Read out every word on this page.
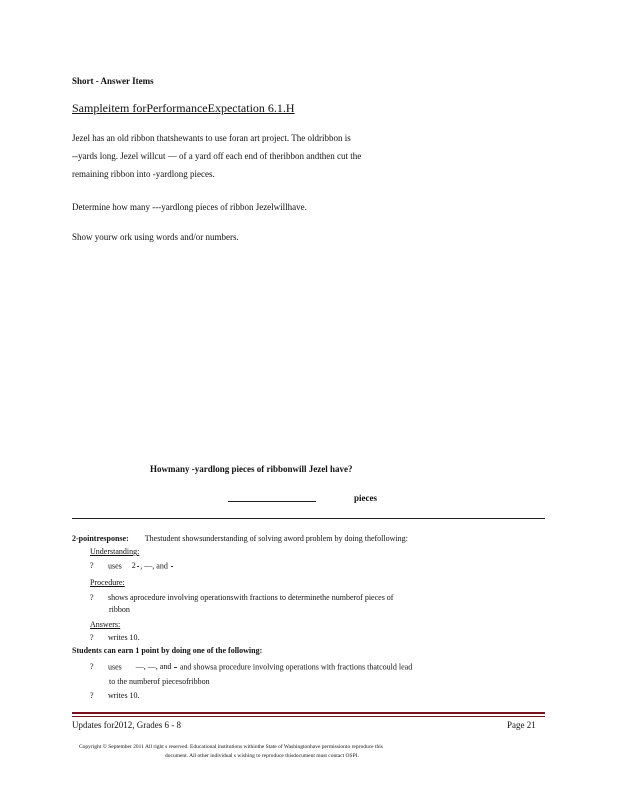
Short - Answer Items
Sampleitem forPerformanceExpectation 6.1.H
Jezel has an old ribbon thatshewants to use foran art project. The oldribbon is
--yards long. Jezel willcut — of a yard off each end of theribbon andthen cut the
remaining ribbon into -yardlong pieces.
Determine how many ---yardlong pieces of ribbon Jezelwillhave.
Show yourw ork using words and/or numbers.
Howmany -yardlong pieces of ribbonwill Jezel have?
pieces
2-pointresponse: Thestudent showsunderstanding of solving aword problem by doing thefollowing:
Understanding:
? uses 2

  , —, and

Procedure:
? shows aprocedure involving operationswith fractions to determinethe numberof pieces of
ribbon
Answers:
? writes 10.
Students can earn 1 point by doing one of the following:
? uses —, —, and

  and showsa procedure involving operations with fractions thatcould lead
to the numberof piecesofribbon
? writes 10.
Updates for2012, Grades 6 - 8	Page 21
Copyright © September 2011 All right s reserved. Educational institutions withinthe State of Washingtonhave permissionto reproduce this
document. All other individual s wishing to reproduce thisdocument must contact OSPI.
